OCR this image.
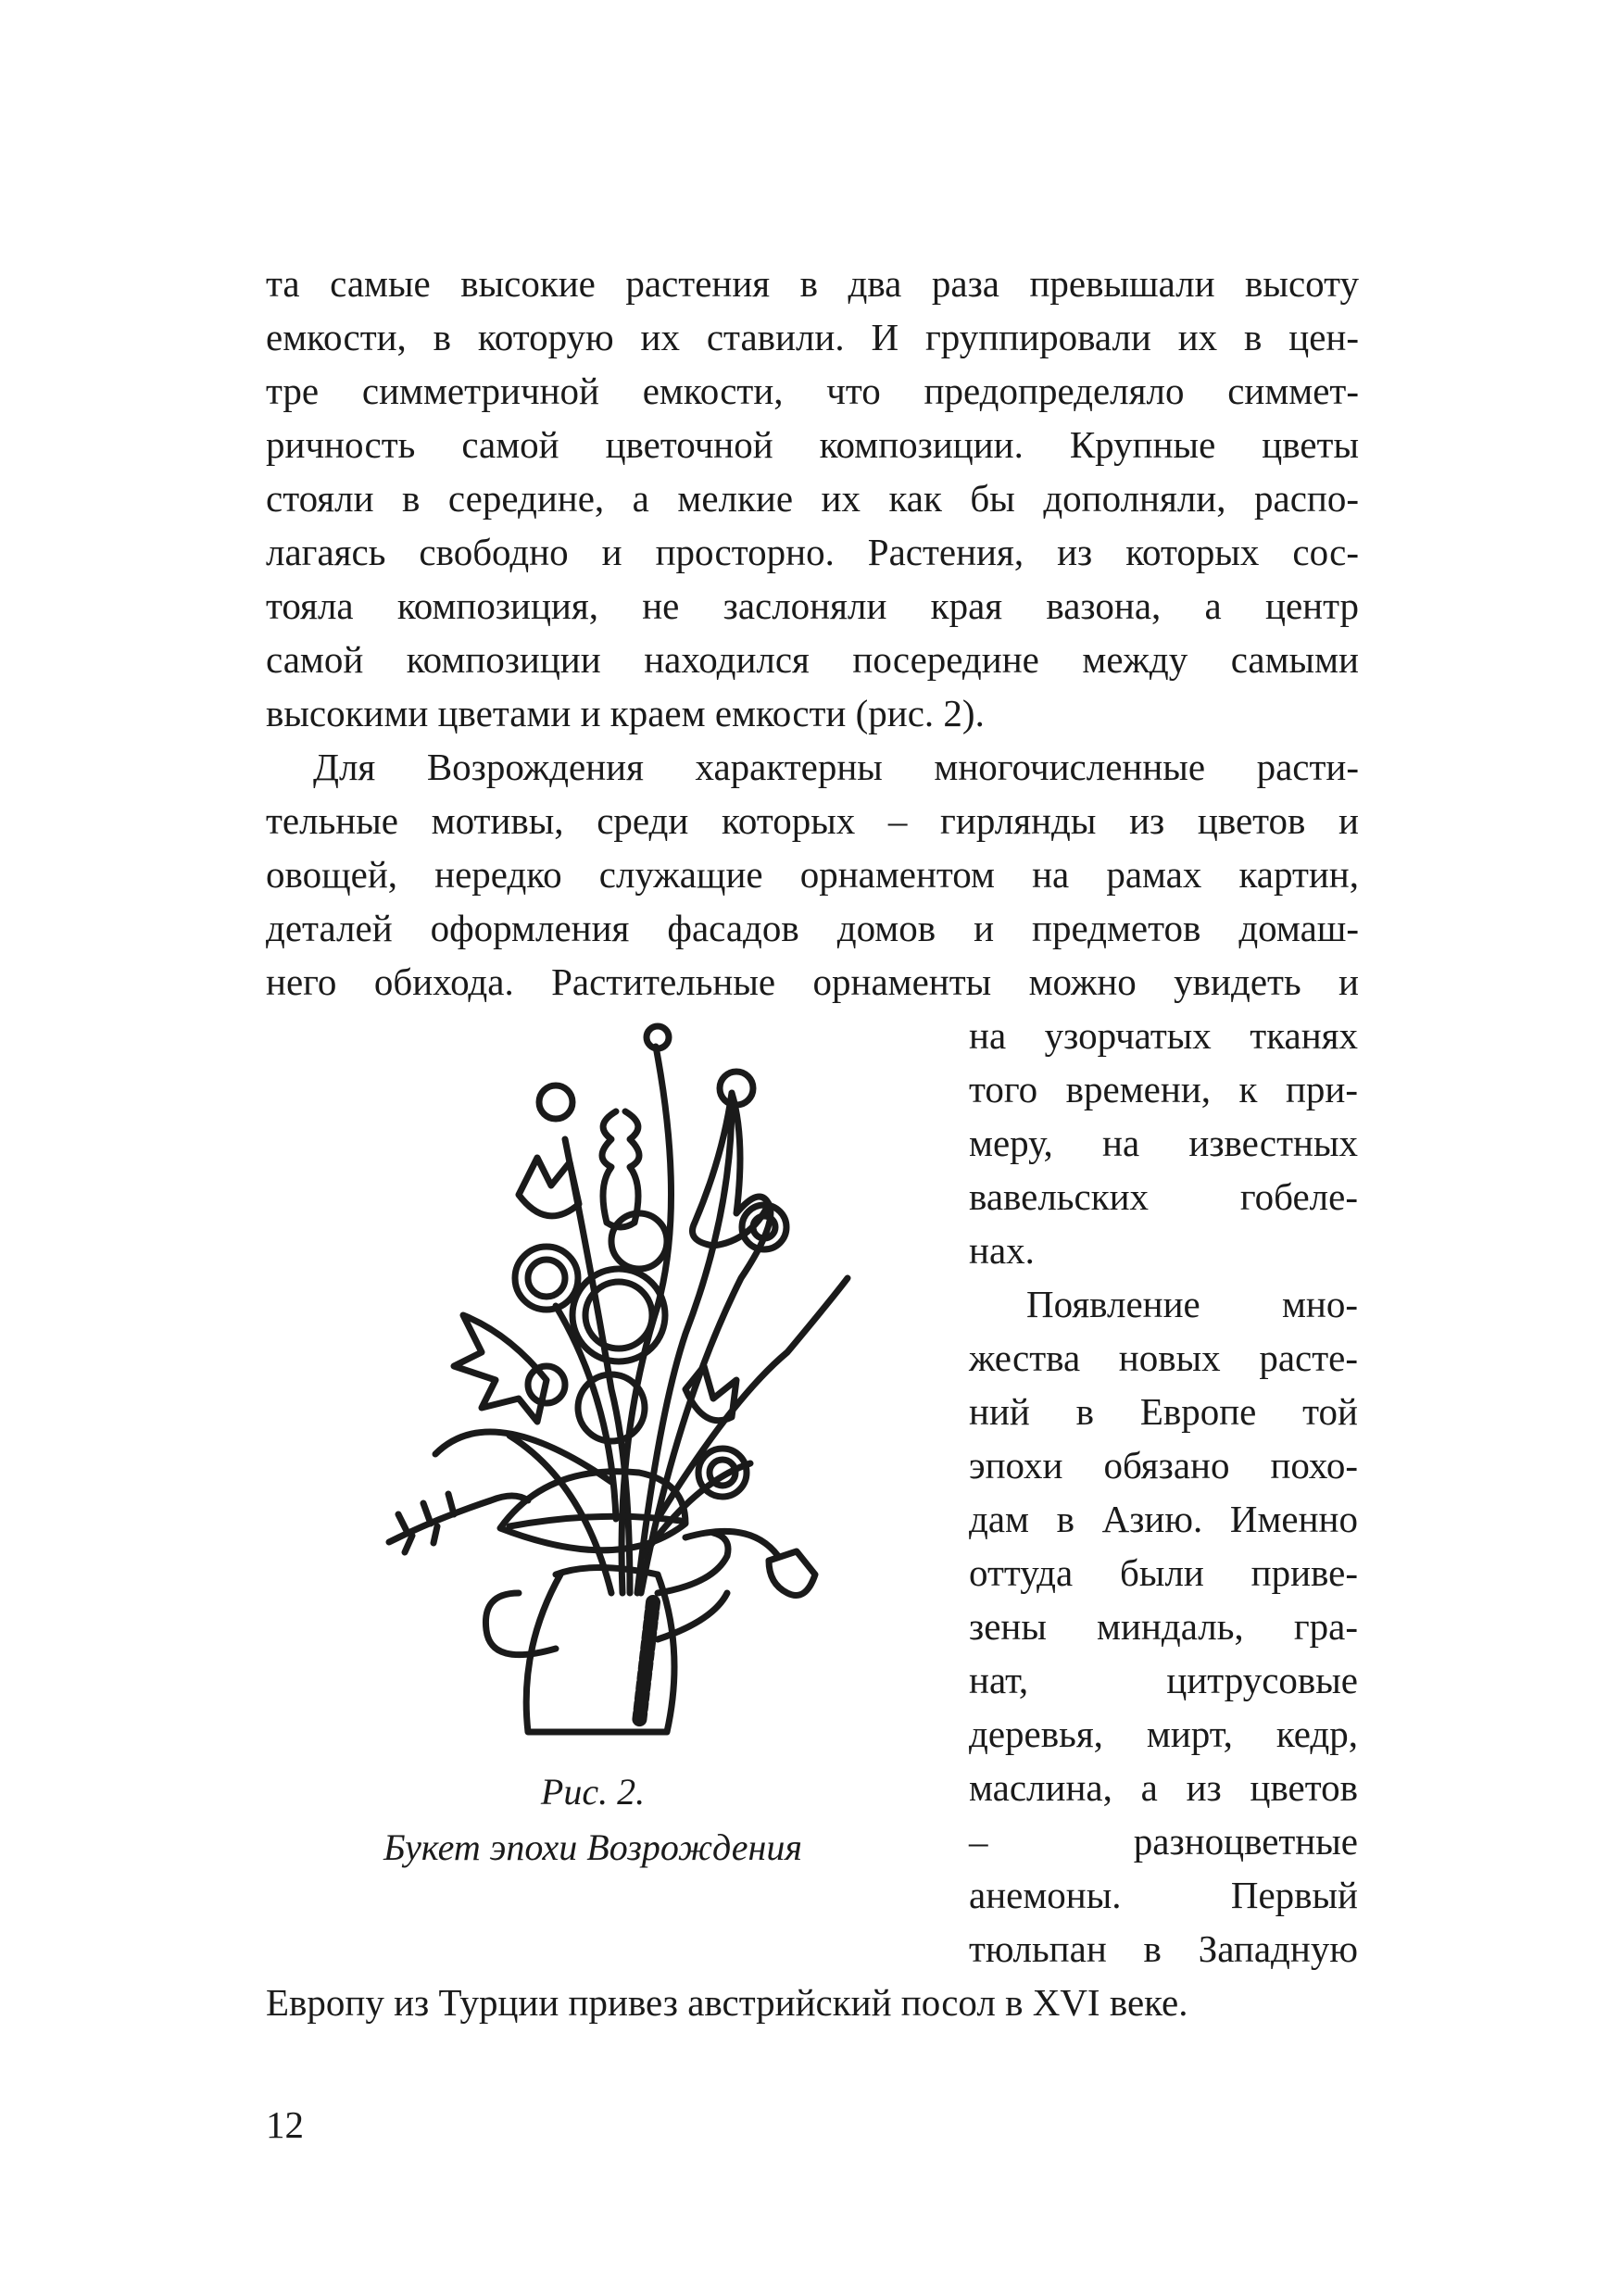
та самые высокие растения в два раза превышали высоту
емкости, в которую их ставили. И группировали их в цен-
тре симметричной емкости, что предопределяло симмет-
ричность самой цветочной композиции. Крупные цветы
стояли в середине, а мелкие их как бы дополняли, распо-
лагаясь свободно и просторно. Растения, из которых сос-
тояла композиция, не заслоняли края вазона, а центр
самой композиции находился посередине между самыми
высокими цветами и краем емкости (рис. 2).
Для Возрождения характерны многочисленные расти-
тельные мотивы, среди которых – гирлянды из цветов и
овощей, нередко служащие орнаментом на рамах картин,
деталей оформления фасадов домов и предметов домаш-
него обихода. Растительные орнаменты можно увидеть и
на узорчатых тканях
того времени, к при-
меру, на известных
вавельских гобеле-
нах.
Появление мно-
жества новых расте-
ний в Европе той
эпохи обязано похо-
дам в Азию. Именно
оттуда были приве-
зены миндаль, гра-
нат, цитрусовые
деревья, мирт, кедр,
маслина, а из цветов
– разноцветные
анемоны. Первый
тюльпан в Западную
Европу из Турции привез австрийский посол в XVI веке.
Рис. 2.
Букет эпохи Возрождения
12
